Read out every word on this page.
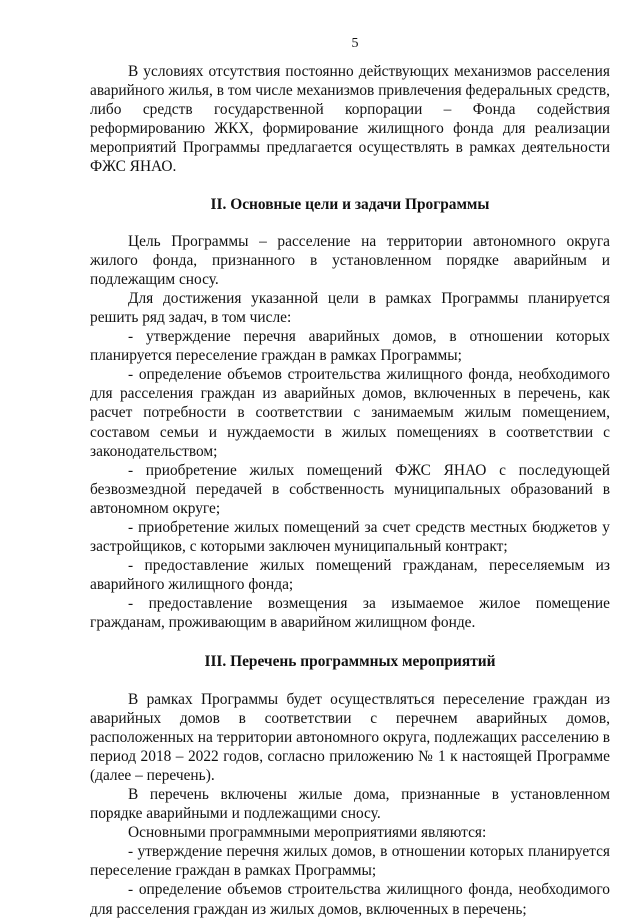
5

В условиях отсутствия постоянно действующих механизмов расселения аварийного жилья, в том числе механизмов привлечения федеральных средств, либо средств государственной корпорации – Фонда содействия реформированию ЖКХ, формирование жилищного фонда для реализации мероприятий Программы предлагается осуществлять в рамках деятельности ФЖС ЯНАО.

II. Основные цели и задачи Программы

Цель Программы – расселение на территории автономного округа жилого фонда, признанного в установленном порядке аварийным и подлежащим сносу.

Для достижения указанной цели в рамках Программы планируется решить ряд задач, в том числе:

- утверждение перечня аварийных домов, в отношении которых планируется переселение граждан в рамках Программы;

- определение объемов строительства жилищного фонда, необходимого для расселения граждан из аварийных домов, включенных в перечень, как расчет потребности в соответствии с занимаемым жилым помещением, составом семьи и нуждаемости в жилых помещениях в соответствии с законодательством;

- приобретение жилых помещений ФЖС ЯНАО с последующей безвозмездной передачей в собственность муниципальных образований в автономном округе;

- приобретение жилых помещений за счет средств местных бюджетов у застройщиков, с которыми заключен муниципальный контракт;

- предоставление жилых помещений гражданам, переселяемым из аварийного жилищного фонда;

- предоставление возмещения за изымаемое жилое помещение гражданам, проживающим в аварийном жилищном фонде.

III. Перечень программных мероприятий

В рамках Программы будет осуществляться переселение граждан из аварийных домов в соответствии с перечнем аварийных домов, расположенных на территории автономного округа, подлежащих расселению в период 2018 – 2022 годов, согласно приложению № 1 к настоящей Программе (далее – перечень).

В перечень включены жилые дома, признанные в установленном порядке аварийными и подлежащими сносу.

Основными программными мероприятиями являются:

- утверждение перечня жилых домов, в отношении которых планируется переселение граждан в рамках Программы;

- определение объемов строительства жилищного фонда, необходимого для расселения граждан из жилых домов, включенных в перечень;
